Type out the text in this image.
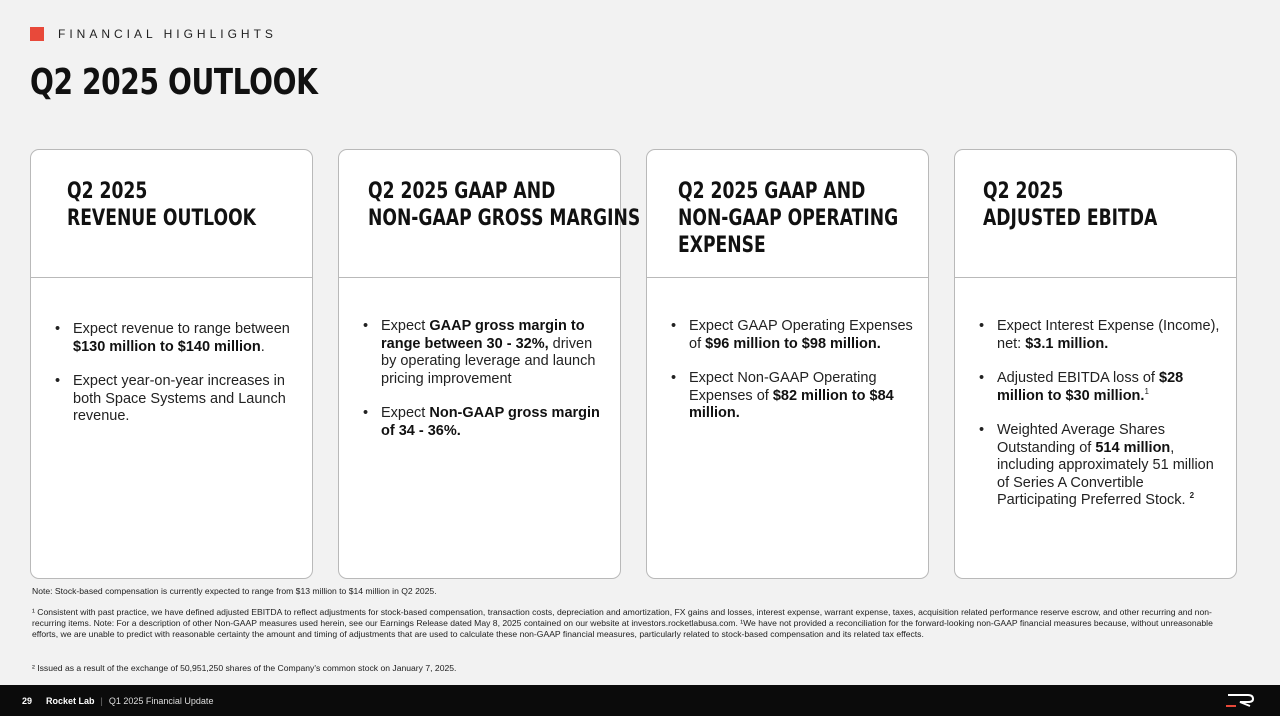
FINANCIAL HIGHLIGHTS
Q2 2025 OUTLOOK
Q2 2025
REVENUE OUTLOOK
• Expect revenue to range between $130 million to $140 million.
• Expect year-on-year increases in both Space Systems and Launch revenue.
Q2 2025 GAAP AND
NON-GAAP GROSS MARGINS
• Expect GAAP gross margin to range between 30 - 32%, driven by operating leverage and launch pricing improvement
• Expect Non-GAAP gross margin of 34 - 36%.
Q2 2025 GAAP AND
NON-GAAP OPERATING
EXPENSE
• Expect GAAP Operating Expenses of $96 million to $98 million.
• Expect Non-GAAP Operating Expenses of $82 million to $84 million.
Q2 2025
ADJUSTED EBITDA
• Expect Interest Expense (Income), net: $3.1 million.
• Adjusted EBITDA loss of $28 million to $30 million.$^1$
• Weighted Average Shares Outstanding of 514 million, including approximately 51 million of Series A Convertible Participating Preferred Stock. $^2$
Note: Stock-based compensation is currently expected to range from $13 million to $14 million in Q2 2025.
¹ Consistent with past practice, we have defined adjusted EBITDA to reflect adjustments for stock-based compensation, transaction costs, depreciation and amortization, FX gains and losses, interest expense, warrant expense, taxes, acquisition related performance reserve escrow, and other recurring and non-recurring items. Note: For a description of other Non-GAAP measures used herein, see our Earnings Release dated May 8, 2025 contained on our website at investors.rocketlabusa.com. ¹We have not provided a reconciliation for the forward-looking non-GAAP financial measures because, without unreasonable efforts, we are unable to predict with reasonable certainty the amount and timing of adjustments that are used to calculate these non-GAAP financial measures, particularly related to stock-based compensation and its related tax effects.
² Issued as a result of the exchange of 50,951,250 shares of the Company's common stock on January 7, 2025.
29 Rocket Lab | Q1 2025 Financial Update
